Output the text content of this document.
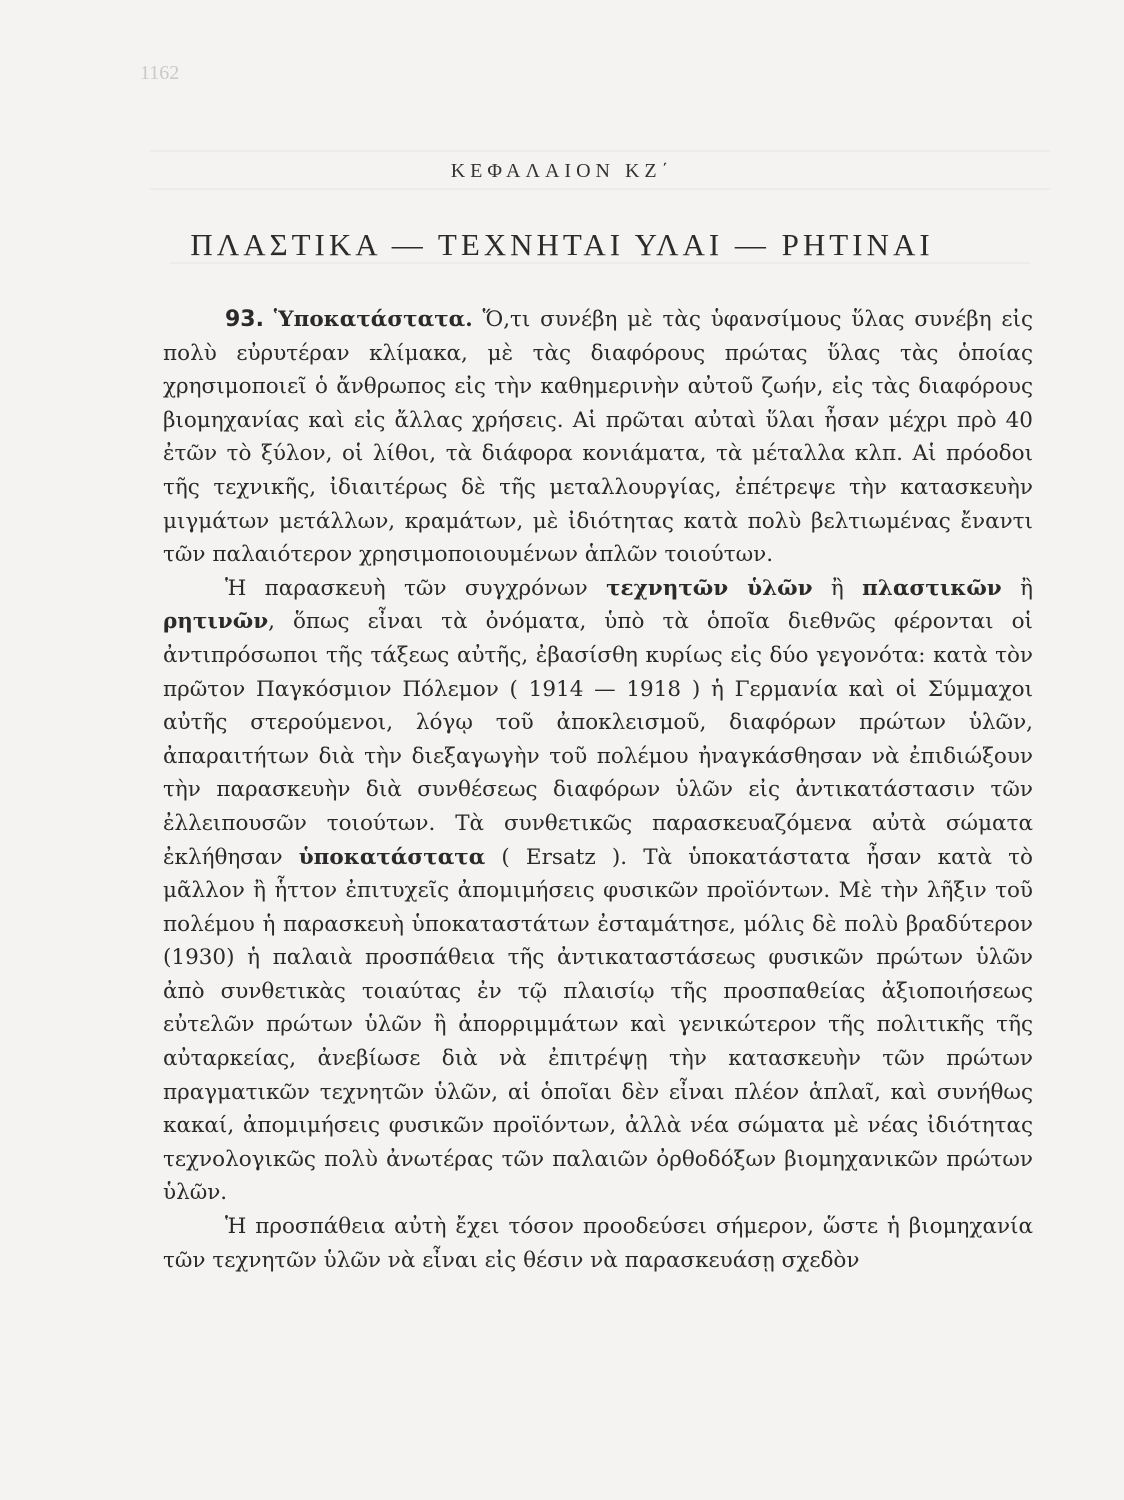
1162
ΚΕΦΑΛΑΙΟΝ ΚΖ΄
ΠΛΑΣΤΙΚΑ — ΤΕΧΝΗΤΑΙ ΥΛΑΙ — ΡΗΤΙΝΑΙ

93. Ὑποκατάστατα. Ὅ,τι συνέβη μὲ τὰς ὑφανσίμους ὕλας συνέβη εἰς πολὺ εὐρυτέραν κλίμακα, μὲ τὰς διαφόρους πρώτας ὕλας τὰς ὁποίας χρησιμοποιεῖ ὁ ἄνθρωπος εἰς τὴν καθημερινὴν αὐτοῦ ζωήν, εἰς τὰς διαφόρους βιομηχανίας καὶ εἰς ἄλλας χρήσεις. Αἱ πρῶται αὐταὶ ὕλαι ἦσαν μέχρι πρὸ 40 ἐτῶν τὸ ξύλον, οἱ λίθοι, τὰ διάφορα κονιάματα, τὰ μέταλλα κλπ. Αἱ πρόοδοι τῆς τεχνικῆς, ἰδιαιτέρως δὲ τῆς μεταλλουργίας, ἐπέτρεψε τὴν κατασκευὴν μιγμάτων μετάλλων, κραμάτων, μὲ ἰδιότητας κατὰ πολὺ βελτιωμένας ἔναντι τῶν παλαιότερον χρησιμοποιουμένων ἁπλῶν τοιούτων.

Ἡ παρασκευὴ τῶν συγχρόνων τεχνητῶν ὑλῶν ἢ πλαστικῶν ἢ ρητινῶν, ὅπως εἶναι τὰ ὀνόματα, ὑπὸ τὰ ὁποῖα διεθνῶς φέρονται οἱ ἀντιπρόσωποι τῆς τάξεως αὐτῆς, ἐβασίσθη κυρίως εἰς δύο γεγονότα: κατὰ τὸν πρῶτον Παγκόσμιον Πόλεμον ( 1914 — 1918 ) ἡ Γερμανία καὶ οἱ Σύμμαχοι αὐτῆς στερούμενοι, λόγῳ τοῦ ἀποκλεισμοῦ, διαφόρων πρώτων ὑλῶν, ἀπαραιτήτων διὰ τὴν διεξαγωγὴν τοῦ πολέμου ἠναγκάσθησαν νὰ ἐπιδιώξουν τὴν παρασκευὴν διὰ συνθέσεως διαφόρων ὑλῶν εἰς ἀντικατάστασιν τῶν ἐλλειπουσῶν τοιούτων. Τὰ συνθετικῶς παρασκευαζόμενα αὐτὰ σώματα ἐκλήθησαν ὑποκατάστατα ( Ersatz ). Τὰ ὑποκατάστατα ἦσαν κατὰ τὸ μᾶλλον ἢ ἧττον ἐπιτυχεῖς ἀπομιμήσεις φυσικῶν προϊόντων. Μὲ τὴν λῆξιν τοῦ πολέμου ἡ παρασκευὴ ὑποκαταστάτων ἐσταμάτησε, μόλις δὲ πολὺ βραδύτερον (1930) ἡ παλαιὰ προσπάθεια τῆς ἀντικαταστάσεως φυσικῶν πρώτων ὑλῶν ἀπὸ συνθετικὰς τοιαύτας ἐν τῷ πλαισίῳ τῆς προσπαθείας ἀξιοποιήσεως εὐτελῶν πρώτων ὑλῶν ἢ ἀπορριμμάτων καὶ γενικώτερον τῆς πολιτικῆς τῆς αὐταρκείας, ἀνεβίωσε διὰ νὰ ἐπιτρέψῃ τὴν κατασκευὴν τῶν πρώτων πραγματικῶν τεχνητῶν ὑλῶν, αἱ ὁποῖαι δὲν εἶναι πλέον ἁπλαῖ, καὶ συνήθως κακαί, ἀπομιμήσεις φυσικῶν προϊόντων, ἀλλὰ νέα σώματα μὲ νέας ἰδιότητας τεχνολογικῶς πολὺ ἀνωτέρας τῶν παλαιῶν ὀρθοδόξων βιομηχανικῶν πρώτων ὑλῶν.

Ἡ προσπάθεια αὐτὴ ἔχει τόσον προοδεύσει σήμερον, ὥστε ἡ βιομηχανία τῶν τεχνητῶν ὑλῶν νὰ εἶναι εἰς θέσιν νὰ παρασκευάσῃ σχεδὸν
